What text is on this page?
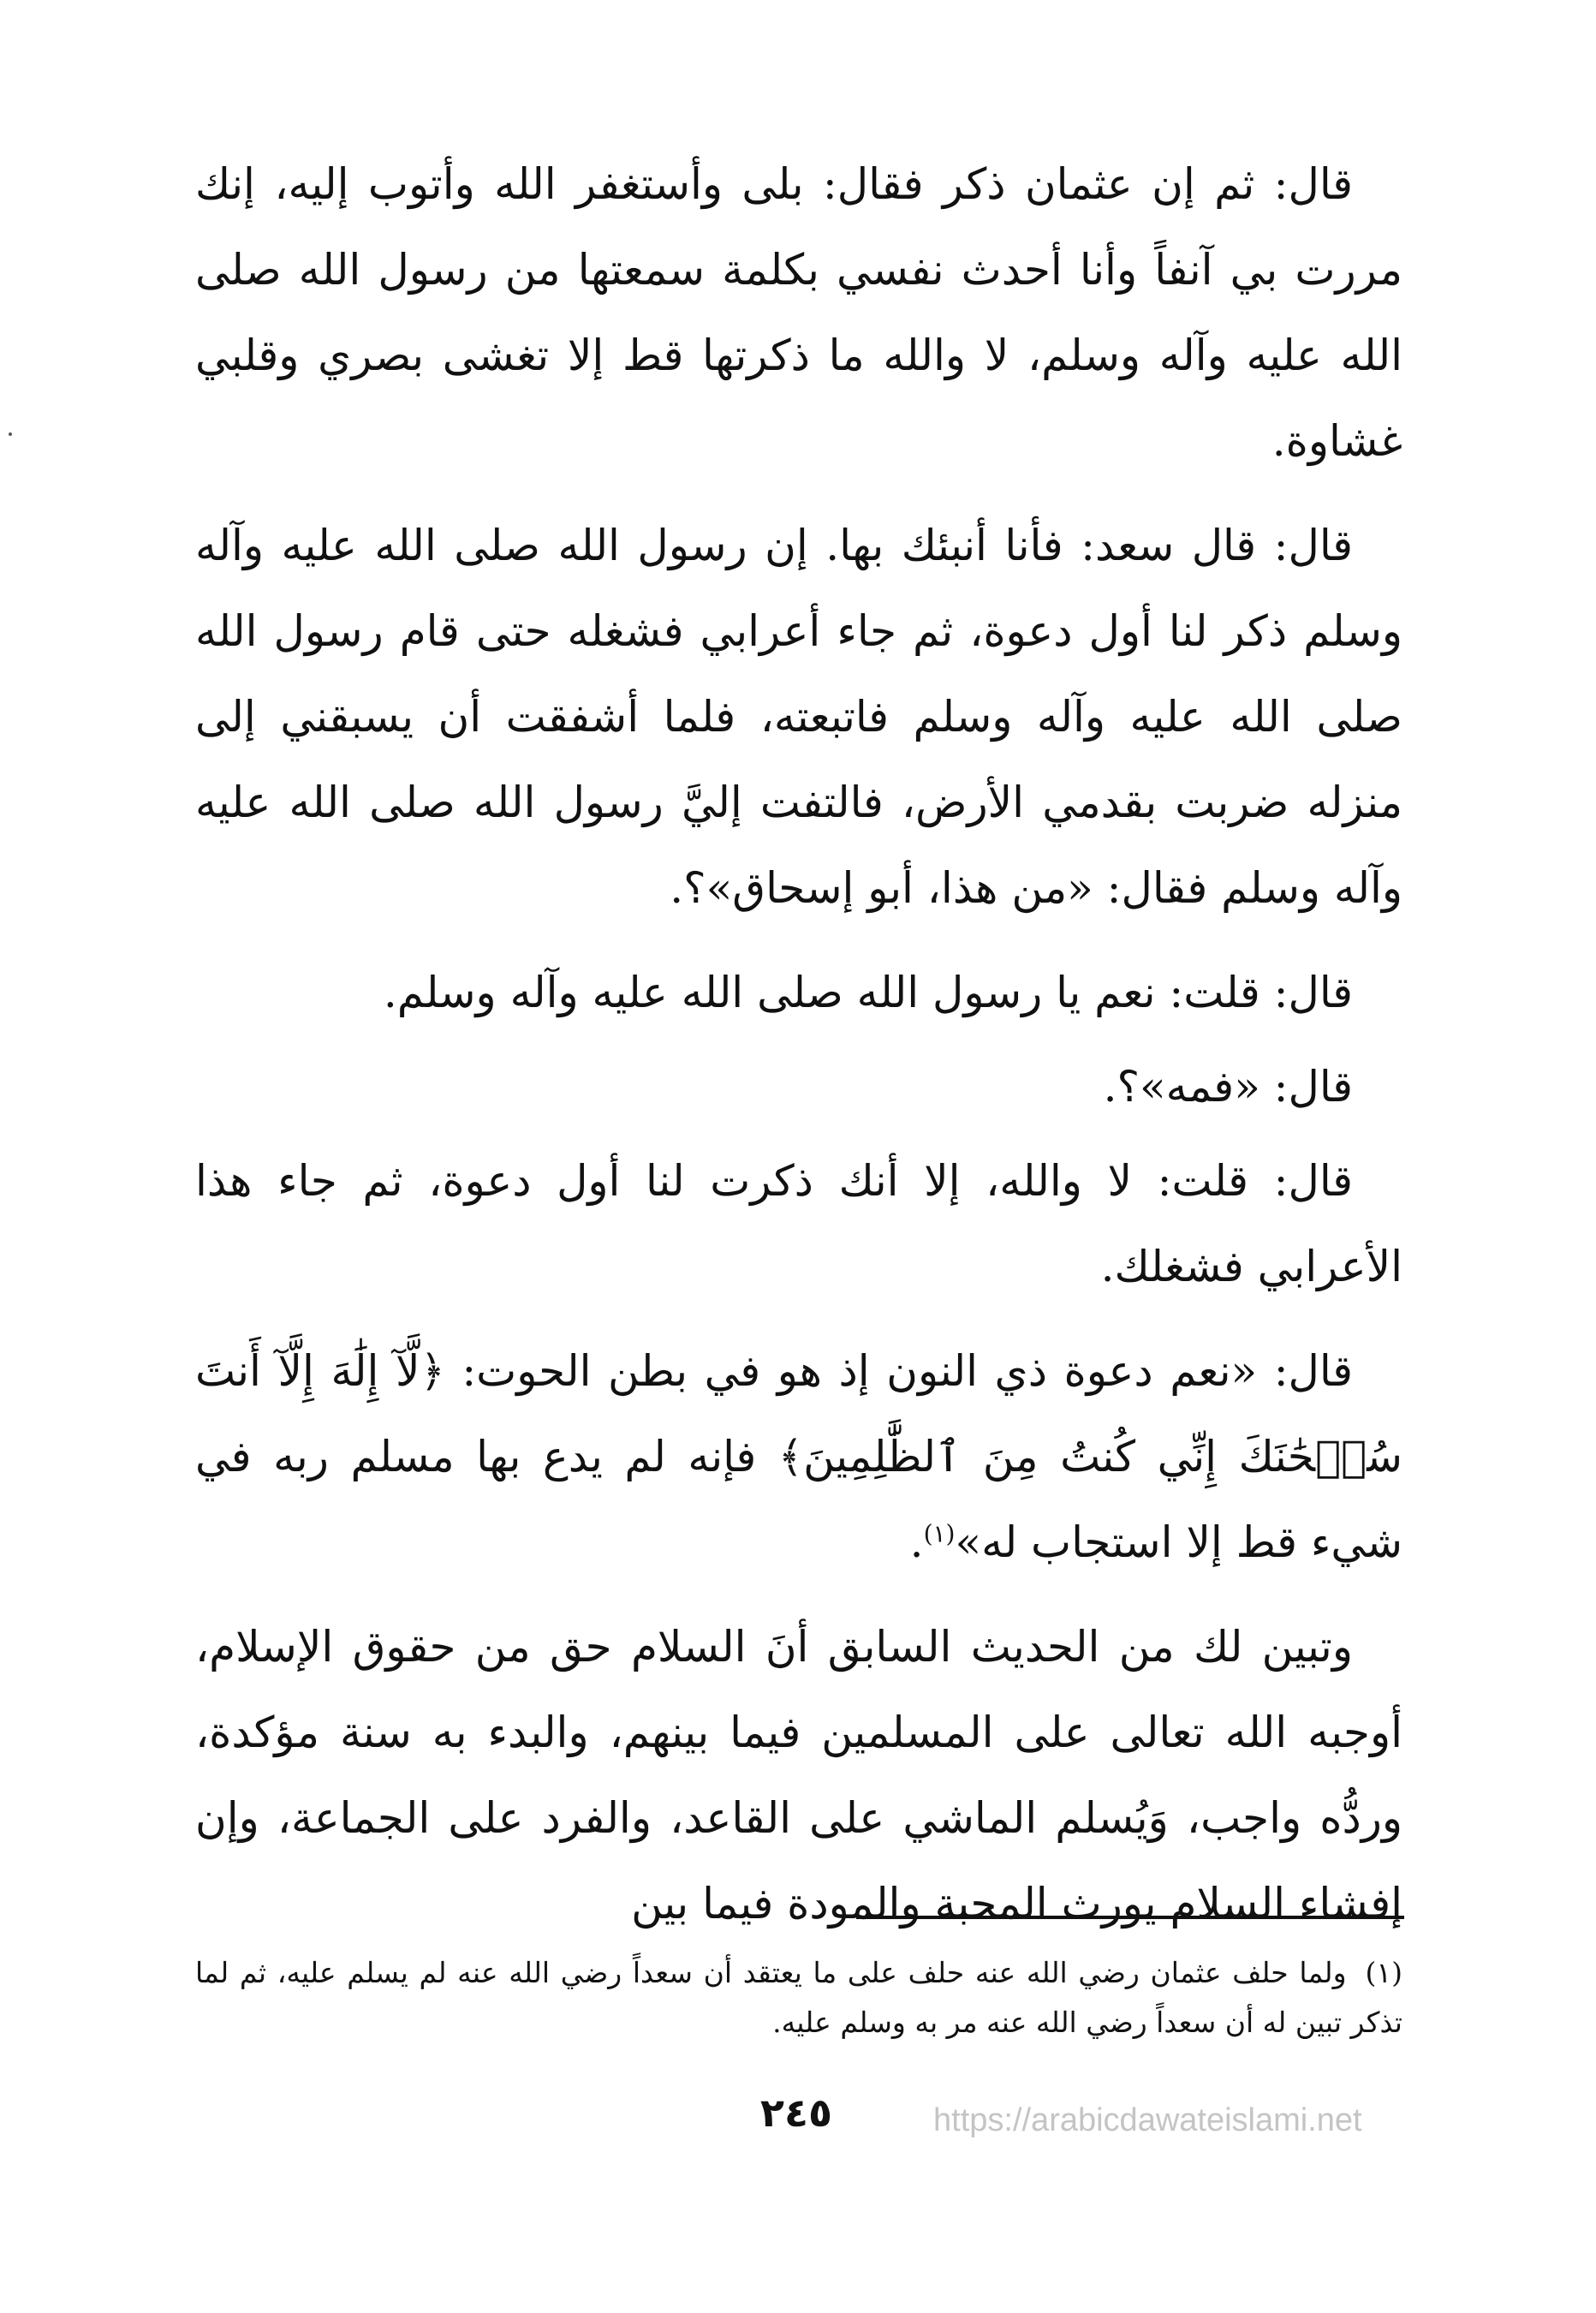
قال: ثم إن عثمان ذكر فقال: بلى وأستغفر الله وأتوب إليه، إنك مررت بي آنفاً وأنا أحدث نفسي بكلمة سمعتها من رسول الله صلى الله عليه وآله وسلم، لا والله ما ذكرتها قط إلا تغشى بصري وقلبي غشاوة.

قال: قال سعد: فأنا أنبئك بها. إن رسول الله صلى الله عليه وآله وسلم ذكر لنا أول دعوة، ثم جاء أعرابي فشغله حتى قام رسول الله صلى الله عليه وآله وسلم فاتبعته، فلما أشفقت أن يسبقني إلى منزله ضربت بقدمي الأرض، فالتفت إليَّ رسول الله صلى الله عليه وآله وسلم فقال: «من هذا، أبو إسحاق»؟.

قال: قلت: نعم يا رسول الله صلى الله عليه وآله وسلم.

قال: «فمه»؟.

قال: قلت: لا والله، إلا أنك ذكرت لنا أول دعوة، ثم جاء هذا الأعرابي فشغلك.

قال: «نعم دعوة ذي النون إذ هو في بطن الحوت: ﴿لَّآ إِلَٰهَ إِلَّآ أَنتَ سُبۡحَٰنَكَ إِنِّي كُنتُ مِنَ ٱلظَّٰلِمِينَ﴾ فإنه لم يدع بها مسلم ربه في شيء قط إلا استجاب له»$^{(١)}$.

وتبين لك من الحديث السابق أنَ السلام حق من حقوق الإسلام، أوجبه الله تعالى على المسلمين فيما بينهم، والبدء به سنة مؤكدة، وردُّه واجب، وَيُسلم الماشي على القاعد، والفرد على الجماعة، وإن إفشاء السلام يورث المحبة والمودة فيما بين

(١)ولما حلف عثمان رضي الله عنه حلف على ما يعتقد أن سعداً رضي الله عنه لم يسلم عليه، ثم لما تذكر تبين له أن سعداً رضي الله عنه مر به وسلم عليه.
٢٤٥	https://arabicdawateislami.net
